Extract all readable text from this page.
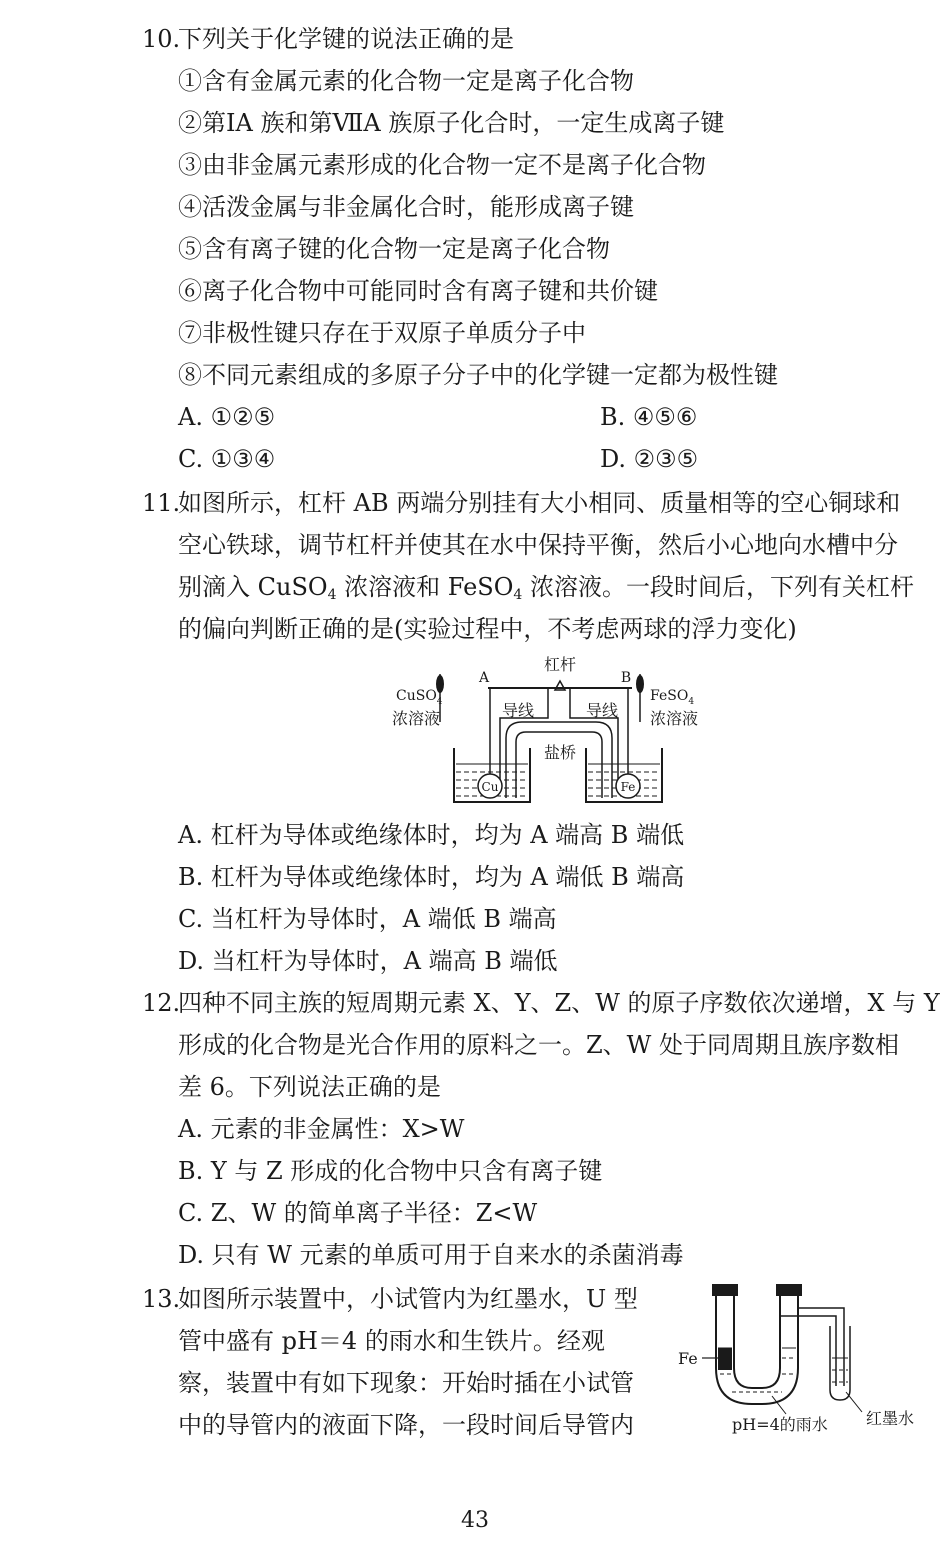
10.
下列关于化学键的说法正确的是
①含有金属元素的化合物一定是离子化合物
②第ⅠA 族和第ⅦA 族原子化合时，一定生成离子键
③由非金属元素形成的化合物一定不是离子化合物
④活泼金属与非金属化合时，能形成离子键
⑤含有离子键的化合物一定是离子化合物
⑥离子化合物中可能同时含有离子键和共价键
⑦非极性键只存在于双原子单质分子中
⑧不同元素组成的多原子分子中的化学键一定都为极性键
A. ①②⑤	B. ④⑤⑥
C. ①③④	D. ②③⑤
11.
如图所示，杠杆 AB 两端分别挂有大小相同、质量相等的空心铜球和
空心铁球，调节杠杆并使其在水中保持平衡，然后小心地向水槽中分
别滴入 CuSO$_4$ 浓溶液和 FeSO$_4$ 浓溶液。一段时间后，下列有关杠杆
的偏向判断正确的是(实验过程中，不考虑两球的浮力变化)
杠杆
A	B
CuSO$_4$
浓溶液
FeSO$_4$
浓溶液
导线	导线
盐桥
Cu	Fe
A. 杠杆为导体或绝缘体时，均为 A 端高 B 端低
B. 杠杆为导体或绝缘体时，均为 A 端低 B 端高
C. 当杠杆为导体时，A 端低 B 端高
D. 当杠杆为导体时，A 端高 B 端低
12.
四种不同主族的短周期元素 X、Y、Z、W 的原子序数依次递增，X 与 Y
形成的化合物是光合作用的原料之一。Z、W 处于同周期且族序数相
差 6。下列说法正确的是
A. 元素的非金属性：X>W
B. Y 与 Z 形成的化合物中只含有离子键
C. Z、W 的简单离子半径：Z<W
D. 只有 W 元素的单质可用于自来水的杀菌消毒
13.
如图所示装置中，小试管内为红墨水，U 型
管中盛有 pH＝4 的雨水和生铁片。经观
察，装置中有如下现象：开始时插在小试管
中的导管内的液面下降，一段时间后导管内
Fe
pH=4的雨水 红墨水
43
